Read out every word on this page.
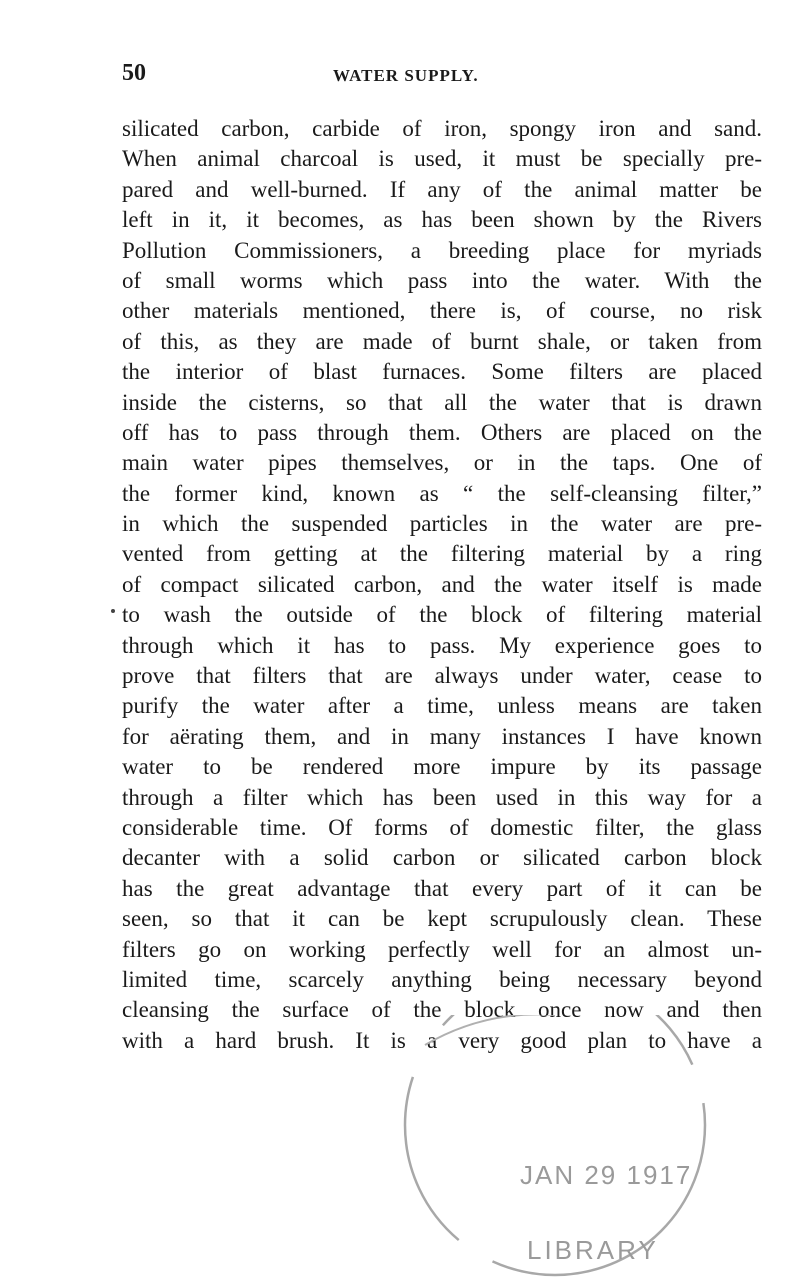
50	WATER SUPPLY.
silicated carbon, carbide of iron, spongy iron and sand.
When animal charcoal is used, it must be specially pre-
pared and well-burned. If any of the animal matter be
left in it, it becomes, as has been shown by the Rivers
Pollution Commissioners, a breeding place for myriads
of small worms which pass into the water. With the
other materials mentioned, there is, of course, no risk
of this, as they are made of burnt shale, or taken from
the interior of blast furnaces. Some filters are placed
inside the cisterns, so that all the water that is drawn
off has to pass through them. Others are placed on the
main water pipes themselves, or in the taps. One of
the former kind, known as “ the self-cleansing filter,”
in which the suspended particles in the water are pre-
vented from getting at the filtering material by a ring
of compact silicated carbon, and the water itself is made
to wash the outside of the block of filtering material
through which it has to pass. My experience goes to
prove that filters that are always under water, cease to
purify the water after a time, unless means are taken
for aërating them, and in many instances I have known
water to be rendered more impure by its passage
through a filter which has been used in this way for a
considerable time. Of forms of domestic filter, the glass
decanter with a solid carbon or silicated carbon block
has the great advantage that every part of it can be
seen, so that it can be kept scrupulously clean. These
filters go on working perfectly well for an almost un-
limited time, scarcely anything being necessary beyond
cleansing the surface of the block once now and then
with a hard brush. It is a very good plan to have a
JAN 29 1917
LIBRARY
